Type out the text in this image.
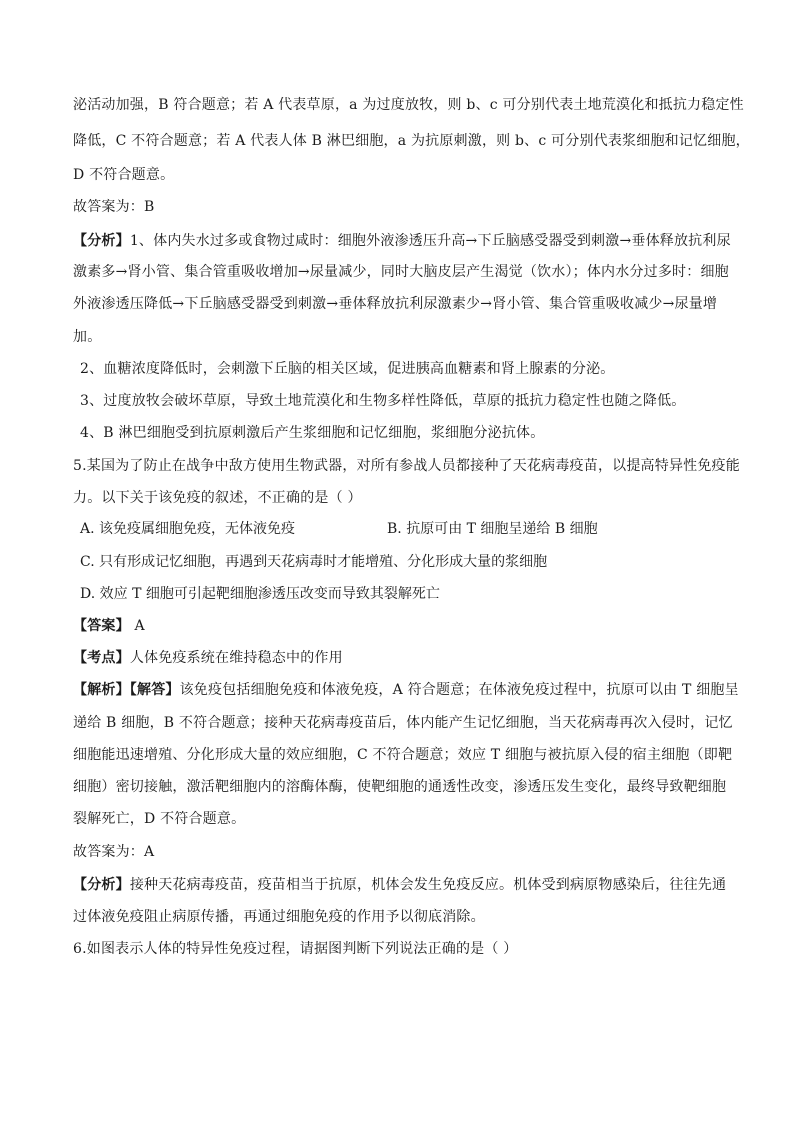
泌活动加强，B 符合题意；若 A 代表草原，a 为过度放牧，则 b、c 可分别代表土地荒漠化和抵抗力稳定性
降低，C 不符合题意；若 A 代表人体 B 淋巴细胞，a 为抗原刺激，则 b、c 可分别代表浆细胞和记忆细胞，
D 不符合题意。
故答案为：B
【分析】1、体内失水过多或食物过咸时：细胞外液渗透压升高→下丘脑感受器受到刺激→垂体释放抗利尿
激素多→肾小管、集合管重吸收增加→尿量减少，同时大脑皮层产生渴觉（饮水）；体内水分过多时：细胞
外液渗透压降低→下丘脑感受器受到刺激→垂体释放抗利尿激素少→肾小管、集合管重吸收减少→尿量增
加。
2、血糖浓度降低时，会刺激下丘脑的相关区域，促进胰高血糖素和肾上腺素的分泌。
3、过度放牧会破坏草原，导致土地荒漠化和生物多样性降低，草原的抵抗力稳定性也随之降低。
4、B 淋巴细胞受到抗原刺激后产生浆细胞和记忆细胞，浆细胞分泌抗体。
5.某国为了防止在战争中敌方使用生物武器，对所有参战人员都接种了天花病毒疫苗，以提高特异性免疫能
力。以下关于该免疫的叙述，不正确的是（ ）
A. 该免疫属细胞免疫，无体液免疫	B. 抗原可由 T 细胞呈递给 B 细胞
C. 只有形成记忆细胞，再遇到天花病毒时才能增殖、分化形成大量的浆细胞
D. 效应 T 细胞可引起靶细胞渗透压改变而导致其裂解死亡
【答案】 A
【考点】人体免疫系统在维持稳态中的作用
【解析】【解答】该免疫包括细胞免疫和体液免疫，A 符合题意；在体液免疫过程中，抗原可以由 T 细胞呈
递给 B 细胞，B 不符合题意；接种天花病毒疫苗后，体内能产生记忆细胞，当天花病毒再次入侵时，记忆
细胞能迅速增殖、分化形成大量的效应细胞，C 不符合题意；效应 T 细胞与被抗原入侵的宿主细胞（即靶
细胞）密切接触，激活靶细胞内的溶酶体酶，使靶细胞的通透性改变，渗透压发生变化，最终导致靶细胞
裂解死亡，D 不符合题意。
故答案为：A
【分析】接种天花病毒疫苗，疫苗相当于抗原，机体会发生免疫反应。机体受到病原物感染后，往往先通
过体液免疫阻止病原传播，再通过细胞免疫的作用予以彻底消除。
6.如图表示人体的特异性免疫过程，请据图判断下列说法正确的是（ ）
